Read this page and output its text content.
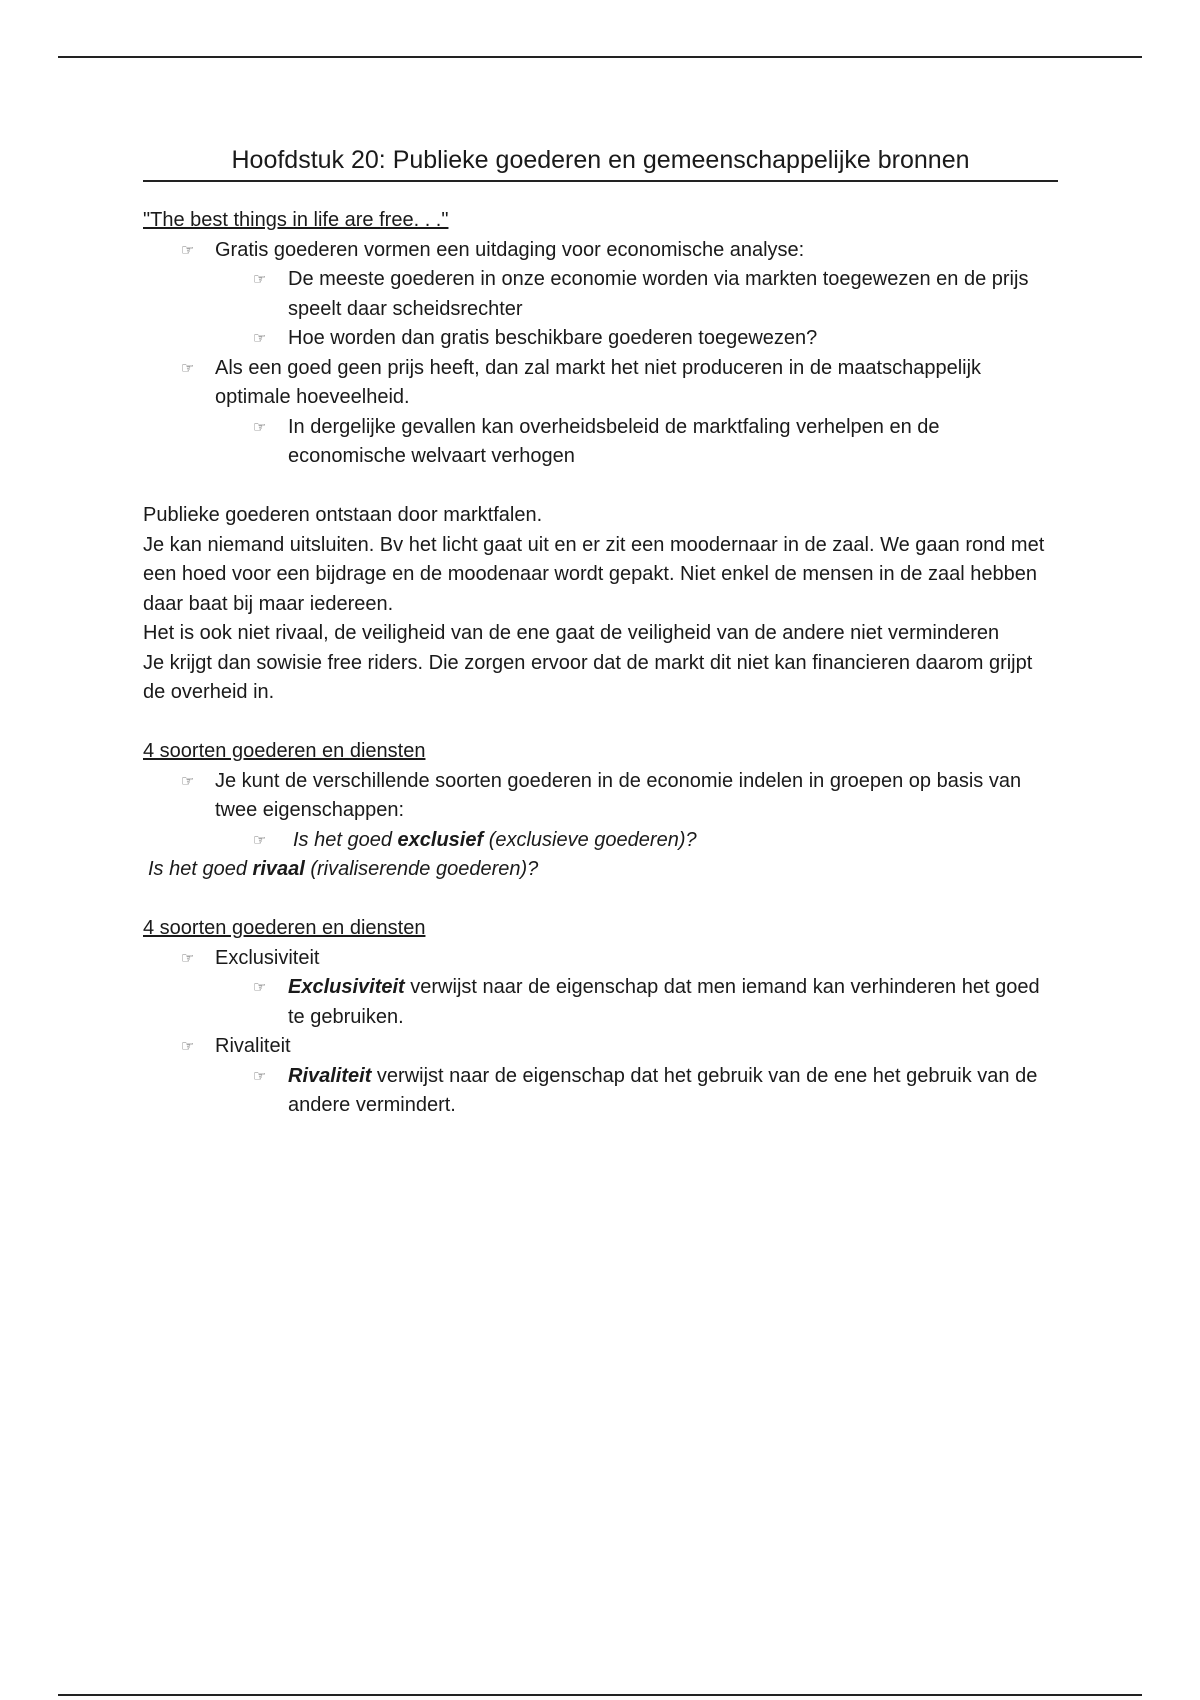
Hoofdstuk 20: Publieke goederen en gemeenschappelijke bronnen
"The best things in life are free. . ."
☞ Gratis goederen vormen een uitdaging voor economische analyse:
☞ De meeste goederen in onze economie worden via markten toegewezen en de prijs speelt daar scheidsrechter
☞ Hoe worden dan gratis beschikbare goederen toegewezen?
☞ Als een goed geen prijs heeft, dan zal markt het niet produceren in de maatschappelijk optimale hoeveelheid.
☞ In dergelijke gevallen kan overheidsbeleid de marktfaling verhelpen en de economische welvaart verhogen
Publieke goederen ontstaan door marktfalen.
Je kan niemand uitsluiten. Bv het licht gaat uit en er zit een moodernaar in de zaal. We gaan rond met een hoed voor een bijdrage en de moodenaar wordt gepakt. Niet enkel de mensen in de zaal hebben daar baat bij maar iedereen.
Het is ook niet rivaal, de veiligheid van de ene gaat de veiligheid van de andere niet verminderen
Je krijgt dan sowisie free riders. Die zorgen ervoor dat de markt dit niet kan financieren daarom grijpt de overheid in.
4 soorten goederen en diensten
☞ Je kunt de verschillende soorten goederen in de economie indelen in groepen op basis van twee eigenschappen:
☞ Is het goed exclusief (exclusieve goederen)?
Is het goed rivaal (rivaliserende goederen)?
4 soorten goederen en diensten
☞ Exclusiviteit
☞ Exclusiviteit verwijst naar de eigenschap dat men iemand kan verhinderen het goed te gebruiken.
☞ Rivaliteit
☞ Rivaliteit verwijst naar de eigenschap dat het gebruik van de ene het gebruik van de andere vermindert.
